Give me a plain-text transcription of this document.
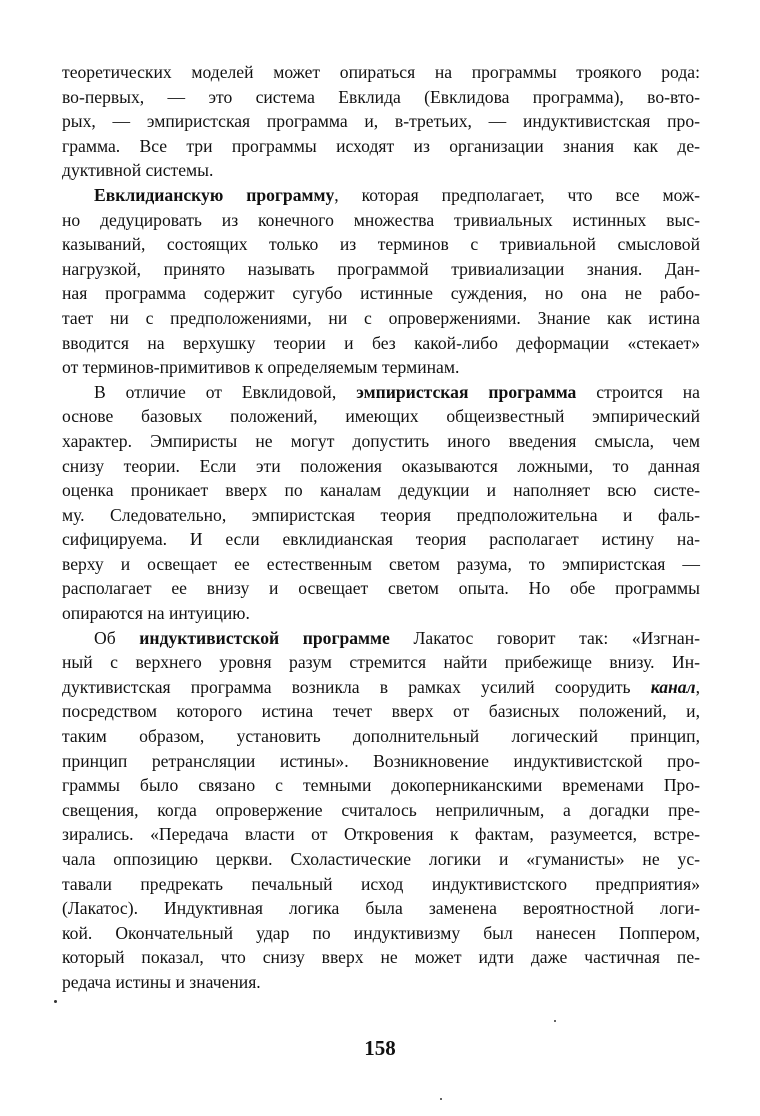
теоретических моделей может опираться на программы троякого рода:
во-первых, — это система Евклида (Евклидова программа), во-вто-
рых, — эмпиристская программа и, в-третьих, — индуктивистская про-
грамма. Все три программы исходят из организации знания как де-
дуктивной системы.
Евклидианскую программу, которая предполагает, что все мож-
но дедуцировать из конечного множества тривиальных истинных выс-
казываний, состоящих только из терминов с тривиальной смысловой
нагрузкой, принято называть программой тривиализации знания. Дан-
ная программа содержит сугубо истинные суждения, но она не рабо-
тает ни с предположениями, ни с опровержениями. Знание как истина
вводится на верхушку теории и без какой-либо деформации «стекает»
от терминов-примитивов к определяемым терминам.
В отличие от Евклидовой, эмпиристская программа строится на
основе базовых положений, имеющих общеизвестный эмпирический
характер. Эмпиристы не могут допустить иного введения смысла, чем
снизу теории. Если эти положения оказываются ложными, то данная
оценка проникает вверх по каналам дедукции и наполняет всю систе-
му. Следовательно, эмпиристская теория предположительна и фаль-
сифицируема. И если евклидианская теория располагает истину на-
верху и освещает ее естественным светом разума, то эмпиристская —
располагает ее внизу и освещает светом опыта. Но обе программы
опираются на интуицию.
Об индуктивистской программе Лакатос говорит так: «Изгнан-
ный с верхнего уровня разум стремится найти прибежище внизу. Ин-
дуктивистская программа возникла в рамках усилий соорудить канал,
посредством которого истина течет вверх от базисных положений, и,
таким образом, установить дополнительный логический принцип,
принцип ретрансляции истины». Возникновение индуктивистской про-
граммы было связано с темными докоперниканскими временами Про-
свещения, когда опровержение считалось неприличным, а догадки пре-
зирались. «Передача власти от Откровения к фактам, разумеется, встре-
чала оппозицию церкви. Схоластические логики и «гуманисты» не ус-
тавали предрекать печальный исход индуктивистского предприятия»
(Лакатос). Индуктивная логика была заменена вероятностной логи-
кой. Окончательный удар по индуктивизму был нанесен Поппером,
который показал, что снизу вверх не может идти даже частичная пе-
редача истины и значения.
158
